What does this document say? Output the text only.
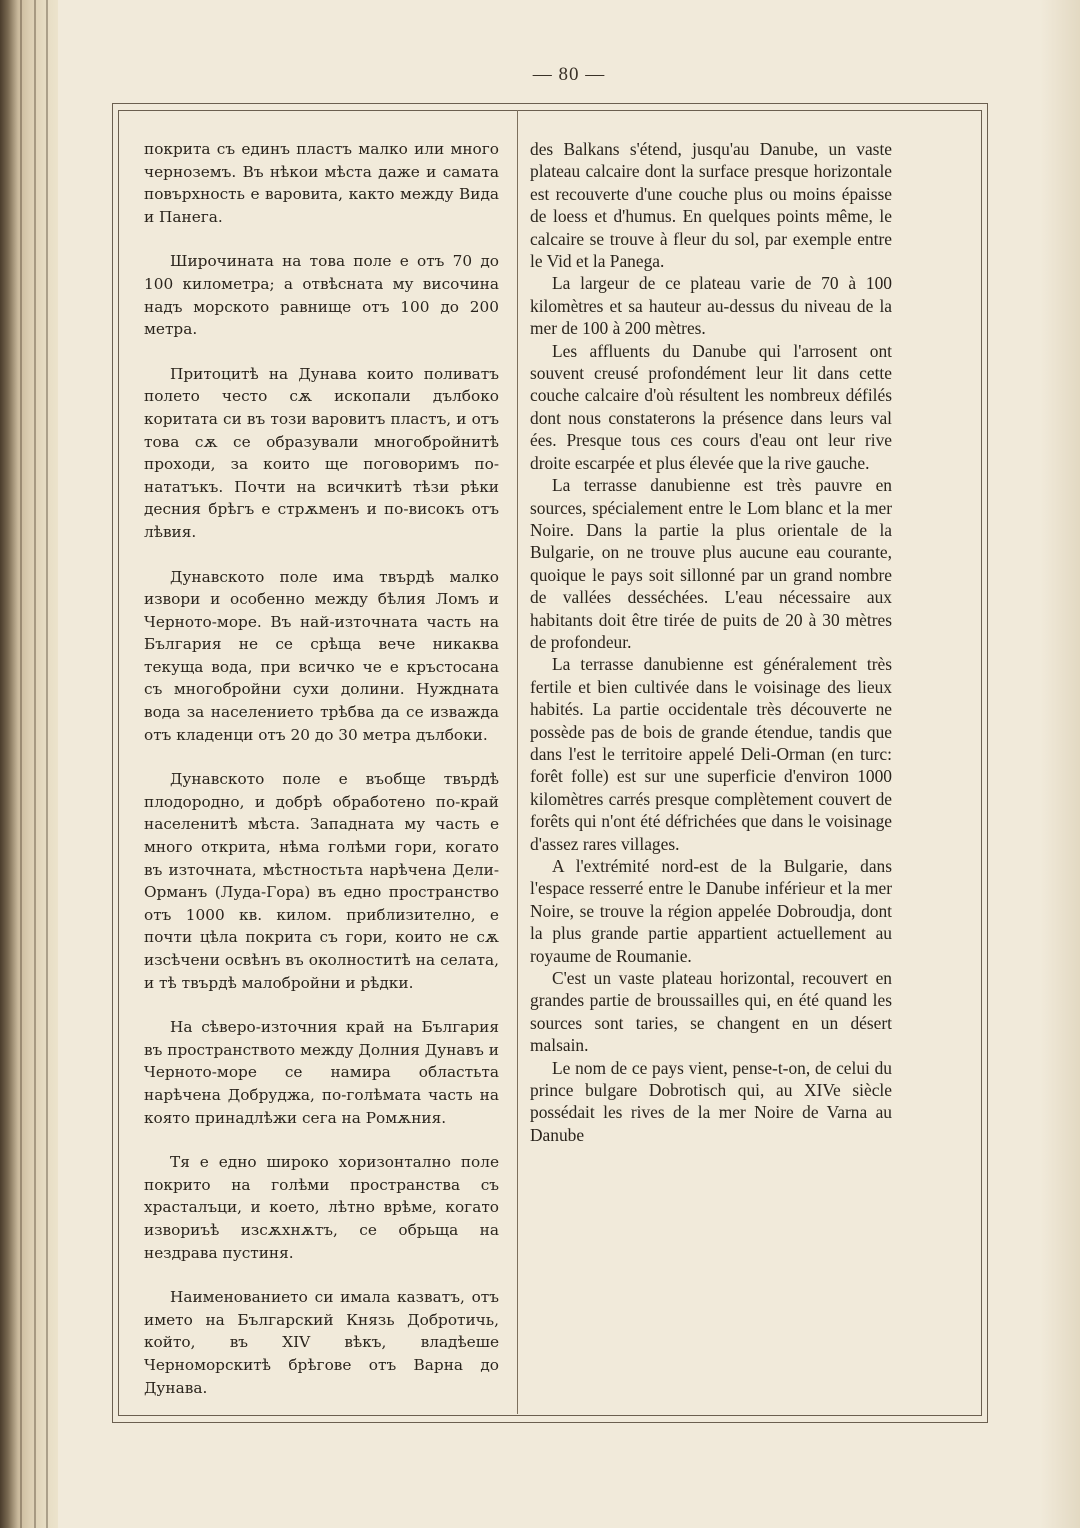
— 80 —

покрита съ единъ пластъ малко или много черноземъ. Въ нѣкои мѣста даже и самата повърхность е варовита, както между Вида и Панега.

Широчината на това поле е отъ 70 до 100 километра; а отвѣсната му височина надъ морското равнище отъ 100 до 200 метра.

Притоцитѣ на Дунава които поливатъ полето често сѫ ископали дълбоко коритата си въ този варовитъ пластъ, и отъ това сѫ се образували многобройнитѣ проходи, за които ще поговоримъ по-нататъкъ. Почти на всичкитѣ тѣзи рѣки десния брѣгъ е стрѫменъ и по-високъ отъ лѣвия.

Дунавското поле има твърдѣ малко извори и особенно между бѣлия Ломъ и Черното-море. Въ най-източната часть на България не се срѣща вече никаква текуща вода, при всичко че е кръстосана съ многобройни сухи долини. Нуждната вода за населението трѣбва да се изважда отъ кладенци отъ 20 до 30 метра дълбоки.

Дунавското поле е въобще твърдѣ плодородно, и добрѣ обработено по-край населенитѣ мѣста. Западната му часть е много открита, нѣма голѣми гори, когато въ източната, мѣстностьта нарѣчена Дели-Орманъ (Луда-Гора) въ едно пространство отъ 1000 кв. килом. приблизително, е почти цѣла покрита съ гори, които не сѫ изсѣчени освѣнъ въ околноститѣ на селата, и тѣ твърдѣ малобройни и рѣдки.

На сѣверо-източния край на България въ пространството между Долния Дунавъ и Черното-море се намира областьта нарѣчена Добруджа, по-голѣмата часть на която принадлѣжи сега на Ромѫния.

Тя е едно широко хоризонтално поле покрито на голѣми пространства съ храсталъци, и което, лѣтно врѣме, когато извориъѣ изсѫхнѫтъ, се обрьща на нездрава пустиня.

Наименованието си имала казватъ, отъ името на Българский Князь Добротичь, който, въ XIV вѣкъ, владѣеше Черноморскитѣ брѣгове отъ Варна до Дунава.

des Balkans s'étend, jusqu'au Danube, un vaste plateau calcaire dont la surface presque horizontale est recouverte d'une couche plus ou moins épaisse de loess et d'humus. En quelques points même, le calcaire se trouve à fleur du sol, par exemple entre le Vid et la Panega.

La largeur de ce plateau varie de 70 à 100 kilomètres et sa hauteur au-dessus du niveau de la mer de 100 à 200 mètres.

Les affluents du Danube qui l'arrosent ont souvent creusé profondément leur lit dans cette couche calcaire d'où résultent les nombreux défilés dont nous constaterons la présence dans leurs val ées. Presque tous ces cours d'eau ont leur rive droite escarpée et plus élevée que la rive gauche.

La terrasse danubienne est très pauvre en sources, spécialement entre le Lom blanc et la mer Noire. Dans la partie la plus orientale de la Bulgarie, on ne trouve plus aucune eau courante, quoique le pays soit sillonné par un grand nombre de vallées desséchées. L'eau nécessaire aux habitants doit être tirée de puits de 20 à 30 mètres de profondeur.

La terrasse danubienne est généralement très fertile et bien cultivée dans le voisinage des lieux habités. La partie occidentale très découverte ne possède pas de bois de grande étendue, tandis que dans l'est le territoire appelé Deli-Orman (en turc: forêt folle) est sur une superficie d'environ 1000 kilomètres carrés presque complètement couvert de forêts qui n'ont été défrichées que dans le voisinage d'assez rares villages.

A l'extrémité nord-est de la Bulgarie, dans l'espace resserré entre le Danube inférieur et la mer Noire, se trouve la région appelée Dobroudja, dont la plus grande partie appartient actuellement au royaume de Roumanie.

C'est un vaste plateau horizontal, recouvert en grandes partie de broussailles qui, en été quand les sources sont taries, se changent en un désert malsain.

Le nom de ce pays vient, pense-t-on, de celui du prince bulgare Dobrotisch qui, au XIVe siècle possédait les rives de la mer Noire de Varna au Danube
